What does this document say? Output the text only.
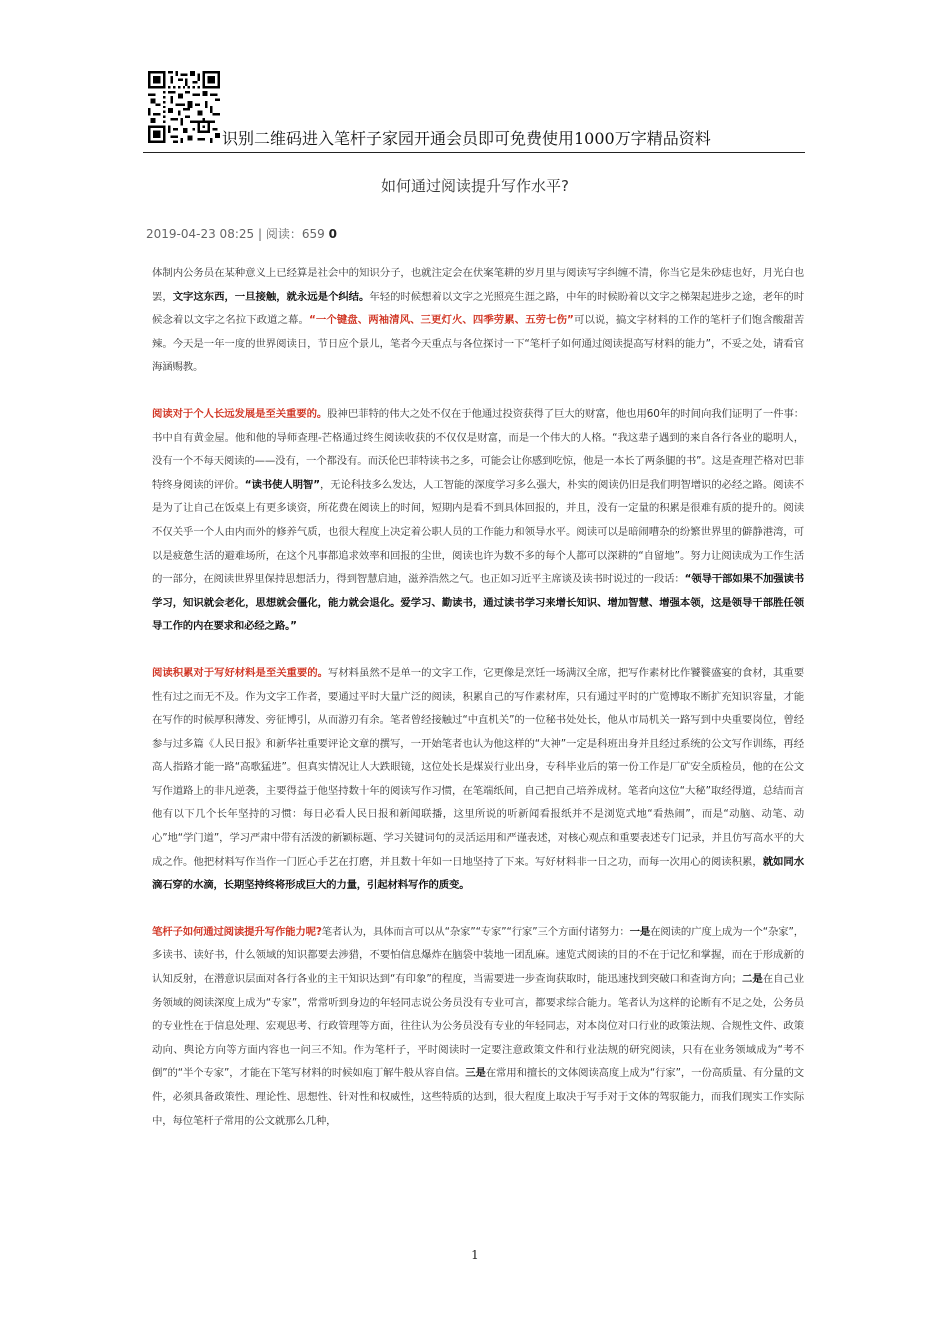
识别二维码进入笔杆子家园开通会员即可免费使用1000万字精品资料
如何通过阅读提升写作水平?
2019-04-23 08:25 | 阅读：659 0

体制内公务员在某种意义上已经算是社会中的知识分子，也就注定会在伏案笔耕的岁月里与阅读写字纠缠不清，你当它是朱砂痣也好，月光白也罢，文字这东西，一旦接触，就永远是个纠结。年轻的时候想着以文字之光照亮生涯之路，中年的时候盼着以文字之梯架起进步之途，老年的时候念着以文字之名拉下政道之幕。“一个键盘、两袖清风、三更灯火、四季劳累、五劳七伤”可以说，搞文字材料的工作的笔杆子们饱含酸甜苦辣。今天是一年一度的世界阅读日，节日应个景儿，笔者今天重点与各位探讨一下“笔杆子如何通过阅读提高写材料的能力”，不妥之处，请看官海涵赐教。

阅读对于个人长远发展是至关重要的。股神巴菲特的伟大之处不仅在于他通过投资获得了巨大的财富，他也用60年的时间向我们证明了一件事：书中自有黄金屋。他和他的导师查理-芒格通过终生阅读收获的不仅仅是财富，而是一个伟大的人格。“我这辈子遇到的来自各行各业的聪明人，没有一个不每天阅读的——没有，一个都没有。而沃伦巴菲特读书之多，可能会让你感到吃惊，他是一本长了两条腿的书”。这是查理芒格对巴菲特终身阅读的评价。“读书使人明智”，无论科技多么发达，人工智能的深度学习多么强大，朴实的阅读仍旧是我们明智增识的必经之路。阅读不是为了让自己在饭桌上有更多谈资，所花费在阅读上的时间，短期内是看不到具体回报的，并且，没有一定量的积累是很难有质的提升的。阅读不仅关乎一个人由内而外的修养气质，也很大程度上决定着公职人员的工作能力和领导水平。阅读可以是暗闹嘈杂的纷繁世界里的僻静港湾，可以是疲惫生活的避难场所，在这个凡事都追求效率和回报的尘世，阅读也许为数不多的每个人都可以深耕的“自留地”。努力让阅读成为工作生活的一部分，在阅读世界里保持思想活力，得到智慧启迪，滋养浩然之气。也正如习近平主席谈及读书时说过的一段话：“领导干部如果不加强读书学习，知识就会老化，思想就会僵化，能力就会退化。爱学习、勤读书，通过读书学习来增长知识、增加智慧、增强本领，这是领导干部胜任领导工作的内在要求和必经之路。”

阅读积累对于写好材料是至关重要的。写材料虽然不是单一的文字工作，它更像是烹饪一场满汉全席，把写作素材比作饕餮盛宴的食材，其重要性有过之而无不及。作为文字工作者，要通过平时大量广泛的阅读，积累自己的写作素材库，只有通过平时的广览博取不断扩充知识容量，才能在写作的时候厚积薄发、旁征博引，从而游刃有余。笔者曾经接触过“中直机关”的一位秘书处处长，他从市局机关一路写到中央重要岗位，曾经参与过多篇《人民日报》和新华社重要评论文章的撰写，一开始笔者也认为他这样的“大神”一定是科班出身并且经过系统的公文写作训练，再经高人指路才能一路“高歌猛进”。但真实情况让人大跌眼镜，这位处长是煤炭行业出身，专科毕业后的第一份工作是厂矿安全质检员，他的在公文写作道路上的非凡逆袭，主要得益于他坚持数十年的阅读写作习惯，在笔端纸间，自己把自己培养成材。笔者向这位“大秘”取经得道，总结而言他有以下几个长年坚持的习惯：每日必看人民日报和新闻联播，这里所说的听新闻看报纸并不是浏览式地“看热闹”，而是“动脑、动笔、动心”地“学门道”，学习严肃中带有活泼的新颖标题、学习关键词句的灵活运用和严谨表述，对核心观点和重要表述专门记录，并且仿写高水平的大成之作。他把材料写作当作一门匠心手艺在打磨，并且数十年如一日地坚持了下来。写好材料非一日之功，而每一次用心的阅读积累，就如同水滴石穿的水滴，长期坚持终将形成巨大的力量，引起材料写作的质变。

笔杆子如何通过阅读提升写作能力呢?笔者认为，具体而言可以从“杂家”“专家”“行家”三个方面付诸努力：一是在阅读的广度上成为一个“杂家”，多读书、读好书，什么领域的知识都要去涉猎，不要怕信息爆炸在脑袋中装地一团乱麻。速览式阅读的目的不在于记忆和掌握，而在于形成新的认知反射，在潜意识层面对各行各业的主干知识达到“有印象”的程度，当需要进一步查询获取时，能迅速找到突破口和查询方向；二是在自己业务领域的阅读深度上成为“专家”，常常听到身边的年轻同志说公务员没有专业可言，都要求综合能力。笔者认为这样的论断有不足之处，公务员的专业性在于信息处理、宏观思考、行政管理等方面，往往认为公务员没有专业的年轻同志，对本岗位对口行业的政策法规、合规性文件、政策动向、舆论方向等方面内容也一问三不知。作为笔杆子，平时阅读时一定要注意政策文件和行业法规的研究阅读，只有在业务领域成为“考不倒”的“半个专家”，才能在下笔写材料的时候如庖丁解牛般从容自信。三是在常用和擅长的文体阅读高度上成为“行家”，一份高质量、有分量的文件，必须具备政策性、理论性、思想性、针对性和权威性，这些特质的达到，很大程度上取决于写手对于文体的驾驭能力，而我们现实工作实际中，每位笔杆子常用的公文就那么几种，

1
